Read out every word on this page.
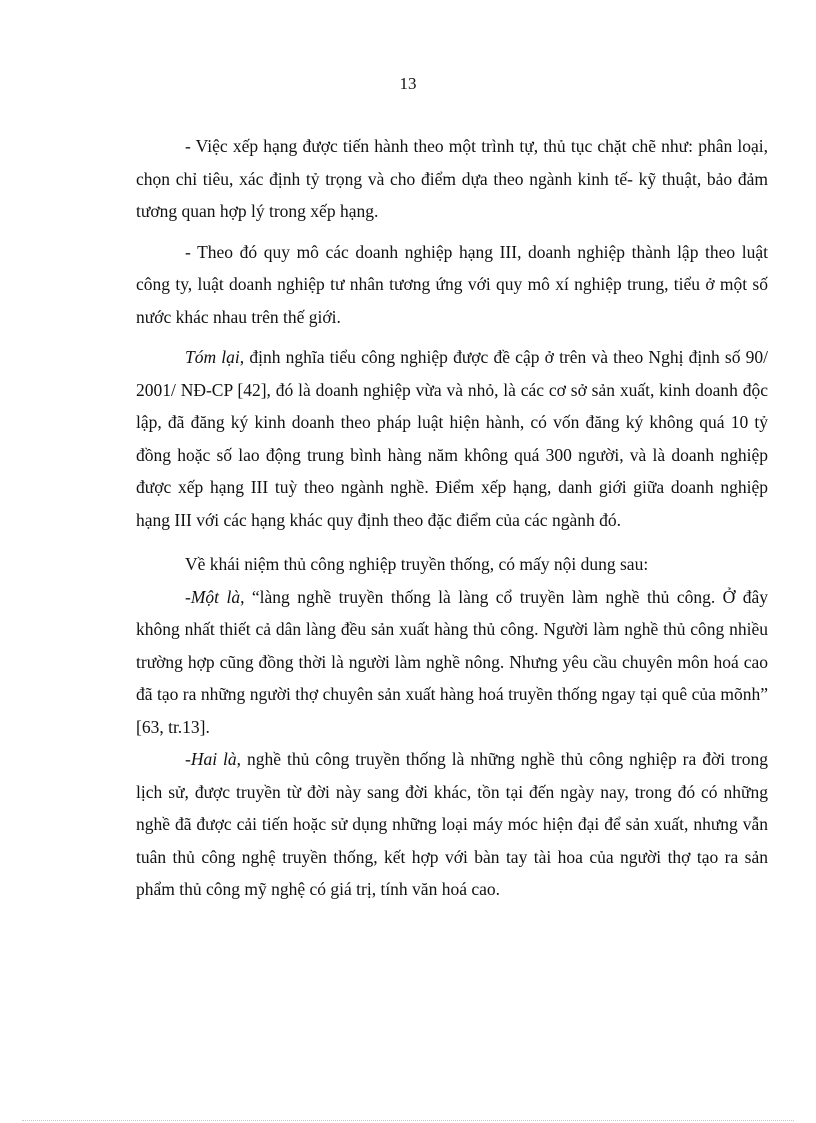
13

- Việc xếp hạng được tiến hành theo một trình tự, thủ tục chặt chẽ như: phân loại, chọn chỉ tiêu, xác định tỷ trọng và cho điểm dựa theo ngành kinh tế- kỹ thuật, bảo đảm tương quan hợp lý trong xếp hạng.

- Theo đó quy mô các doanh nghiệp hạng III, doanh nghiệp thành lập theo luật công ty, luật doanh nghiệp tư nhân tương ứng với quy mô xí nghiệp trung, tiểu ở một số nước khác nhau trên thế giới.

Tóm lại, định nghĩa tiểu công nghiệp được đề cập ở trên và theo Nghị định số 90/ 2001/ NĐ-CP [42], đó là doanh nghiệp vừa và nhỏ, là các cơ sở sản xuất, kinh doanh độc lập, đã đăng ký kinh doanh theo pháp luật hiện hành, có vốn đăng ký không quá 10 tỷ đồng hoặc số lao động trung bình hàng năm không quá 300 người, và là doanh nghiệp được xếp hạng III tuỳ theo ngành nghề. Điểm xếp hạng, danh giới giữa doanh nghiệp hạng III với các hạng khác quy định theo đặc điểm của các ngành đó.

Về khái niệm thủ công nghiệp truyền thống, có mấy nội dung sau:

-Một là, “làng nghề truyền thống là làng cổ truyền làm nghề thủ công. Ở đây không nhất thiết cả dân làng đều sản xuất hàng thủ công. Người làm nghề thủ công nhiều trường hợp cũng đồng thời là người làm nghề nông. Nhưng yêu cầu chuyên môn hoá cao đã tạo ra những người thợ chuyên sản xuất hàng hoá truyền thống ngay tại quê của mõnh” [63, tr.13].

-Hai là, nghề thủ công truyền thống là những nghề thủ công nghiệp ra đời trong lịch sử, được truyền từ đời này sang đời khác, tồn tại đến ngày nay, trong đó có những nghề đã được cải tiến hoặc sử dụng những loại máy móc hiện đại để sản xuất, nhưng vẫn tuân thủ công nghệ truyền thống, kết hợp với bàn tay tài hoa của người thợ tạo ra sản phẩm thủ công mỹ nghệ có giá trị, tính văn hoá cao.
